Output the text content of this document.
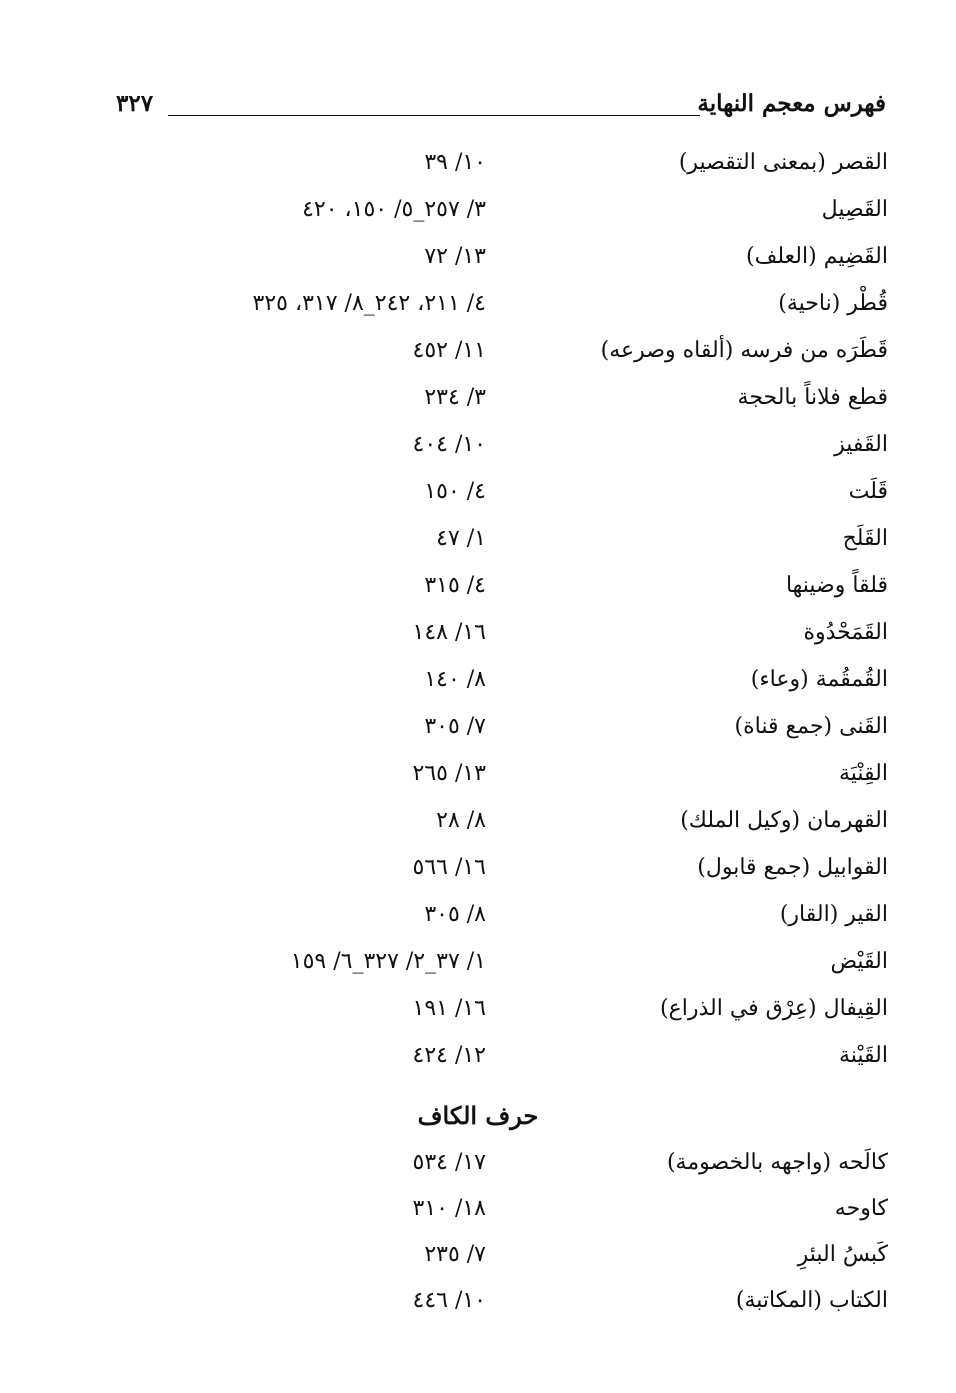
فهرس معجم النهاية
٣٢٧
القصر (بمعنى التقصير)
١٠/ ٣٩
القَصِيل
٣/ ٢٥٧_٥/ ١٥٠، ٤٢٠
القَضِيم (العلف)
١٣/ ٧٢
قُطْر (ناحية)
٤/ ٢١١، ٢٤٢_٨/ ٣١٧، ٣٢٥
قَطَرَه من فرسه (ألقاه وصرعه)
١١/ ٤٥٢
قطع فلاناً بالحجة
٣/ ٢٣٤
القَفيز
١٠/ ٤٠٤
قَلَت
٤/ ١٥٠
القَلَح
١/ ٤٧
قلقاً وضينها
٤/ ٣١٥
القَمَحْدُوة
١٦/ ١٤٨
القُمقُمة (وعاء)
٨/ ١٤٠
القَنى (جمع قناة)
٧/ ٣٠٥
القِنْيَة
١٣/ ٢٦٥
القهرمان (وكيل الملك)
٨/ ٢٨
القوابيل (جمع قابول)
١٦/ ٥٦٦
القير (القار)
٨/ ٣٠٥
القَيْض
١/ ٣٧_٢/ ٣٢٧_٦/ ١٥٩
القِيفال (عِرْق في الذراع)
١٦/ ١٩١
القَيْنة
١٢/ ٤٢٤
حرف الكاف
كالَحه (واجهه بالخصومة)
١٧/ ٥٣٤
كاوحه
١٨/ ٣١٠
كَبسُ البئرِ
٧/ ٢٣٥
الكتاب (المكاتبة)
١٠/ ٤٤٦
